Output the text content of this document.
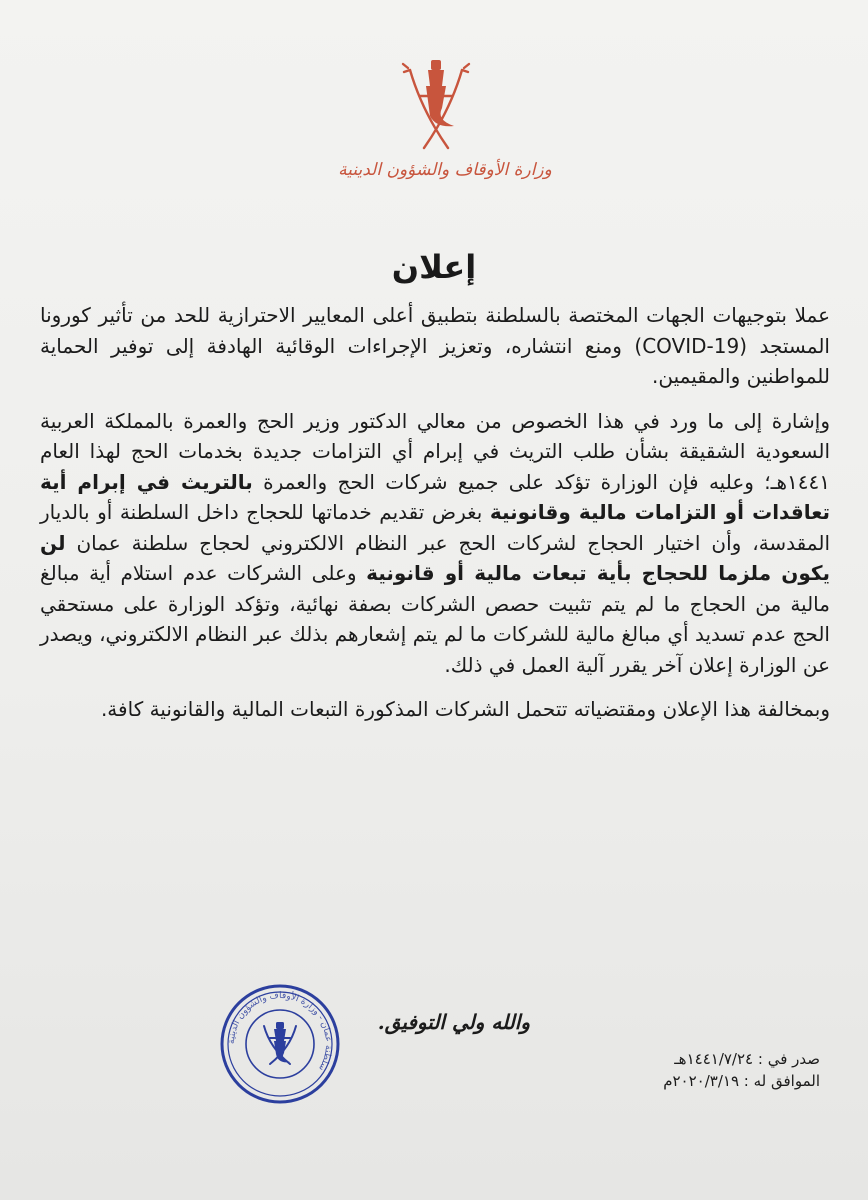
وزارة الأوقاف والشؤون الدينية
إعلان

عملا بتوجيهات الجهات المختصة بالسلطنة بتطبيق أعلى المعايير الاحترازية للحد من تأثير كورونا المستجد (COVID-19) ومنع انتشاره، وتعزيز الإجراءات الوقائية الهادفة إلى توفير الحماية للمواطنين والمقيمين.

وإشارة إلى ما ورد في هذا الخصوص من معالي الدكتور وزير الحج والعمرة بالمملكة العربية السعودية الشقيقة بشأن طلب التريث في إبرام أي التزامات جديدة بخدمات الحج لهذا العام ١٤٤١هـ؛ وعليه فإن الوزارة تؤكد على جميع شركات الحج والعمرة بالتريث في إبرام أية تعاقدات أو التزامات مالية وقانونية بغرض تقديم خدماتها للحجاج داخل السلطنة أو بالديار المقدسة، وأن اختيار الحجاج لشركات الحج عبر النظام الالكتروني لحجاج سلطنة عمان لن يكون ملزما للحجاج بأية تبعات مالية أو قانونية وعلى الشركات عدم استلام أية مبالغ مالية من الحجاج ما لم يتم تثبيت حصص الشركات بصفة نهائية، وتؤكد الوزارة على مستحقي الحج عدم تسديد أي مبالغ مالية للشركات ما لم يتم إشعارهم بذلك عبر النظام الالكتروني، ويصدر عن الوزارة إعلان آخر يقرر آلية العمل في ذلك.

وبمخالفة هذا الإعلان ومقتضياته تتحمل الشركات المذكورة التبعات المالية والقانونية كافة.

والله ولي التوفيق.
سلطنة عمان - وزارة الأوقاف والشؤون الدينية	صدر في : ١٤٤١/٧/٢٤هـ
الموافق له : ٢٠٢٠/٣/١٩م
